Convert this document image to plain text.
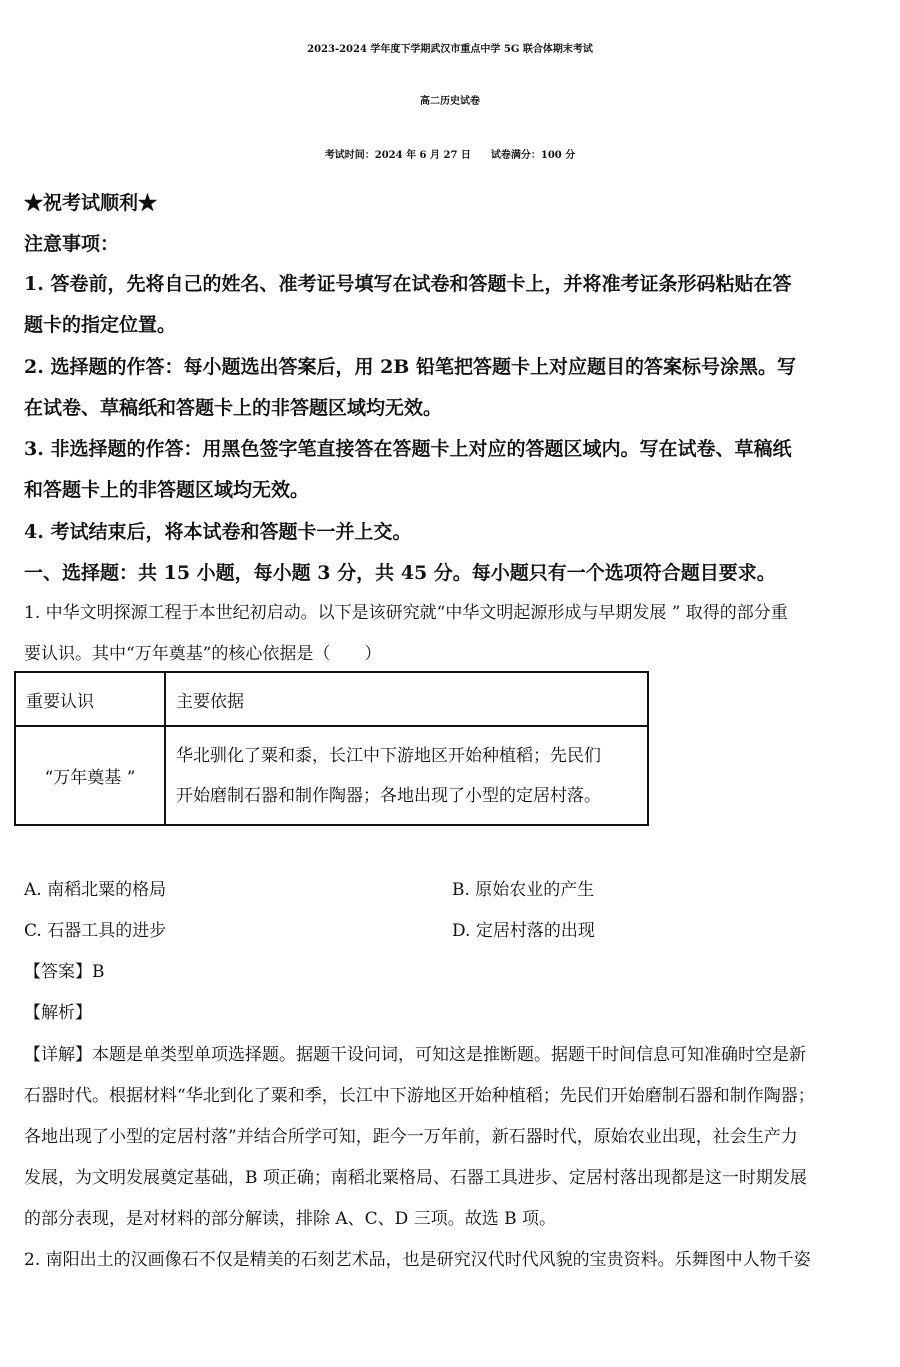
2023-2024 学年度下学期武汉市重点中学 5G 联合体期末考试
高二历史试卷
考试时间：2024 年 6 月 27 日　　试卷满分：100 分
★祝考试顺利★
注意事项：
1. 答卷前，先将自己的姓名、准考证号填写在试卷和答题卡上，并将准考证条形码粘贴在答
题卡的指定位置。
2. 选择题的作答：每小题选出答案后，用 2B 铅笔把答题卡上对应题目的答案标号涂黑。写
在试卷、草稿纸和答题卡上的非答题区域均无效。
3. 非选择题的作答：用黑色签字笔直接答在答题卡上对应的答题区域内。写在试卷、草稿纸
和答题卡上的非答题区域均无效。
4. 考试结束后，将本试卷和答题卡一并上交。
一、选择题：共 15 小题，每小题 3 分，共 45 分。每小题只有一个选项符合题目要求。
1. 中华文明探源工程于本世纪初启动。以下是该研究就“中华文明起源形成与早期发展 ” 取得的部分重
要认识。其中“万年奠基”的核心依据是（　　）
重要认识	主要依据
“万年奠基 ”	华北驯化了粟和黍，长江中下游地区开始种植稻；先民们
开始磨制石器和制作陶器；各地出现了小型的定居村落。
A. 南稻北粟的格局	B. 原始农业的产生
C. 石器工具的进步	D. 定居村落的出现
【答案】B
【解析】
【详解】本题是单类型单项选择题。据题干设问词，可知这是推断题。据题干时间信息可知准确时空是新
石器时代。根据材料“华北到化了粟和季，长江中下游地区开始种植稻；先民们开始磨制石器和制作陶器；
各地出现了小型的定居村落”并结合所学可知，距今一万年前，新石器时代，原始农业出现，社会生产力
发展，为文明发展奠定基础，B 项正确；南稻北粟格局、石器工具进步、定居村落出现都是这一时期发展
的部分表现，是对材料的部分解读，排除 A、C、D 三项。故选 B 项。
2. 南阳出土的汉画像石不仅是精美的石刻艺术品，也是研究汉代时代风貌的宝贵资料。乐舞图中人物千姿
